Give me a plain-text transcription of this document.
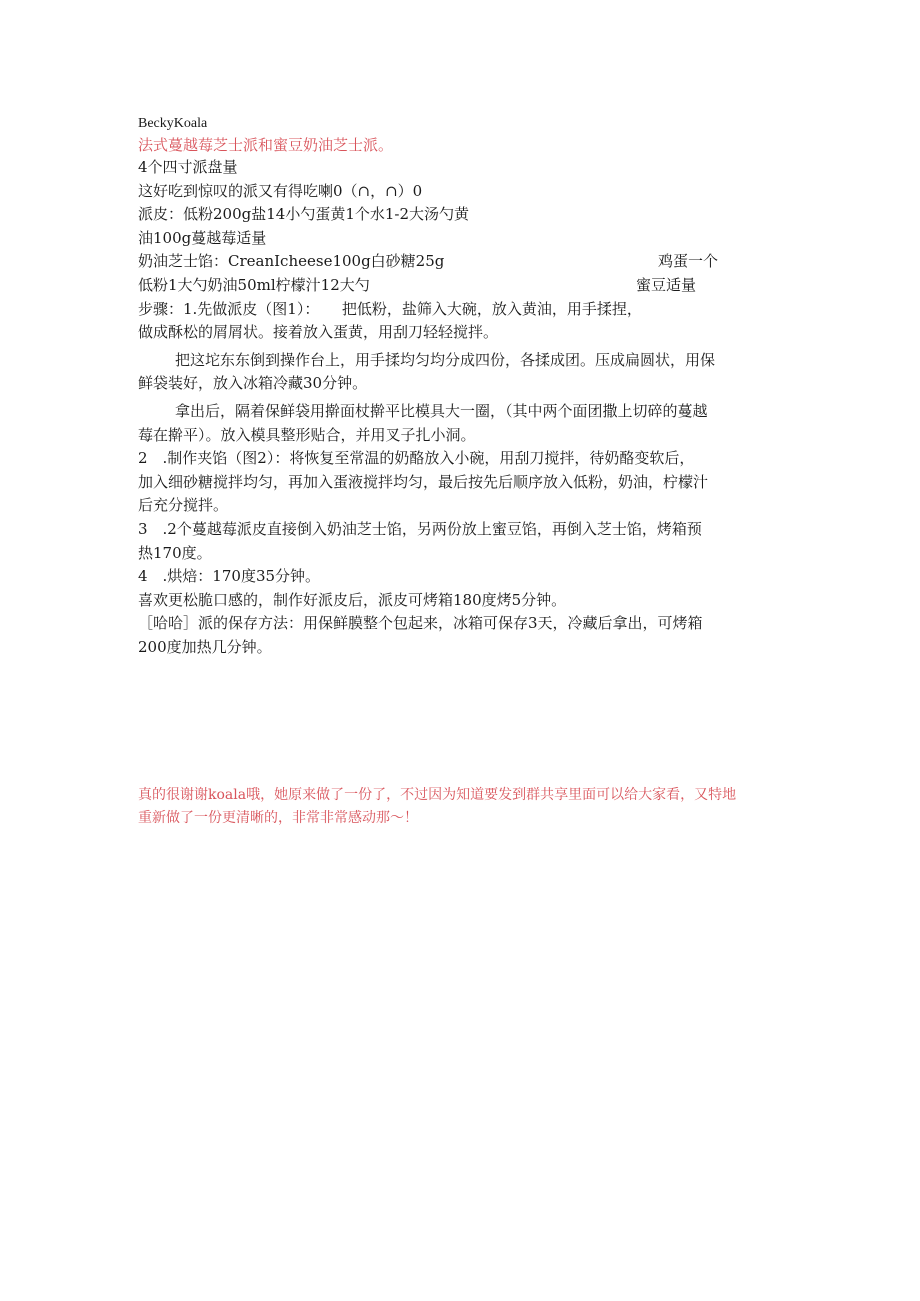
BeckyKoala

法式蔓越莓芝士派和蜜豆奶油芝士派。

4个四寸派盘量

这好吃到惊叹的派又有得吃喇0（∩，∩）0

派皮：低粉200g盐14小勺蛋黄1个水1-2大汤勺黄

油100g蔓越莓适量

奶油芝士馅：CreanIcheese100g白砂糖25g	鸡蛋一个

低粉1大勺奶油50ml柠檬汁12大勺	蜜豆适量

步骤：1.先做派皮（图1）：　　把低粉，盐筛入大碗，放入黄油，用手揉捏，

做成酥松的屑屑状。接着放入蛋黄，用刮刀轻轻搅拌。

把这坨东东倒到操作台上，用手揉均匀均分成四份，各揉成团。压成扁圆状，用保

鲜袋装好，放入冰箱冷藏30分钟。

拿出后，隔着保鲜袋用擀面杖擀平比模具大一圈，（其中两个面团撒上切碎的蔓越

莓在擀平）。放入模具整形贴合，并用叉子扎小洞。

2　.制作夹馅（图2）：将恢复至常温的奶酪放入小碗，用刮刀搅拌，待奶酪变软后，

加入细砂糖搅拌均匀，再加入蛋液搅拌均匀，最后按先后顺序放入低粉，奶油，柠檬汁

后充分搅拌。

3　.2个蔓越莓派皮直接倒入奶油芝士馅，另两份放上蜜豆馅，再倒入芝士馅，烤箱预

热170度。

4　.烘焙：170度35分钟。

喜欢更松脆口感的，制作好派皮后，派皮可烤箱180度烤5分钟。

［哈哈］派的保存方法：用保鲜膜整个包起来，冰箱可保存3天，冷藏后拿出，可烤箱

200度加热几分钟。

真的很谢谢koala哦，她原来做了一份了，不过因为知道要发到群共享里面可以给大家看，又特地

重新做了一份更清晰的，非常非常感动那～！
